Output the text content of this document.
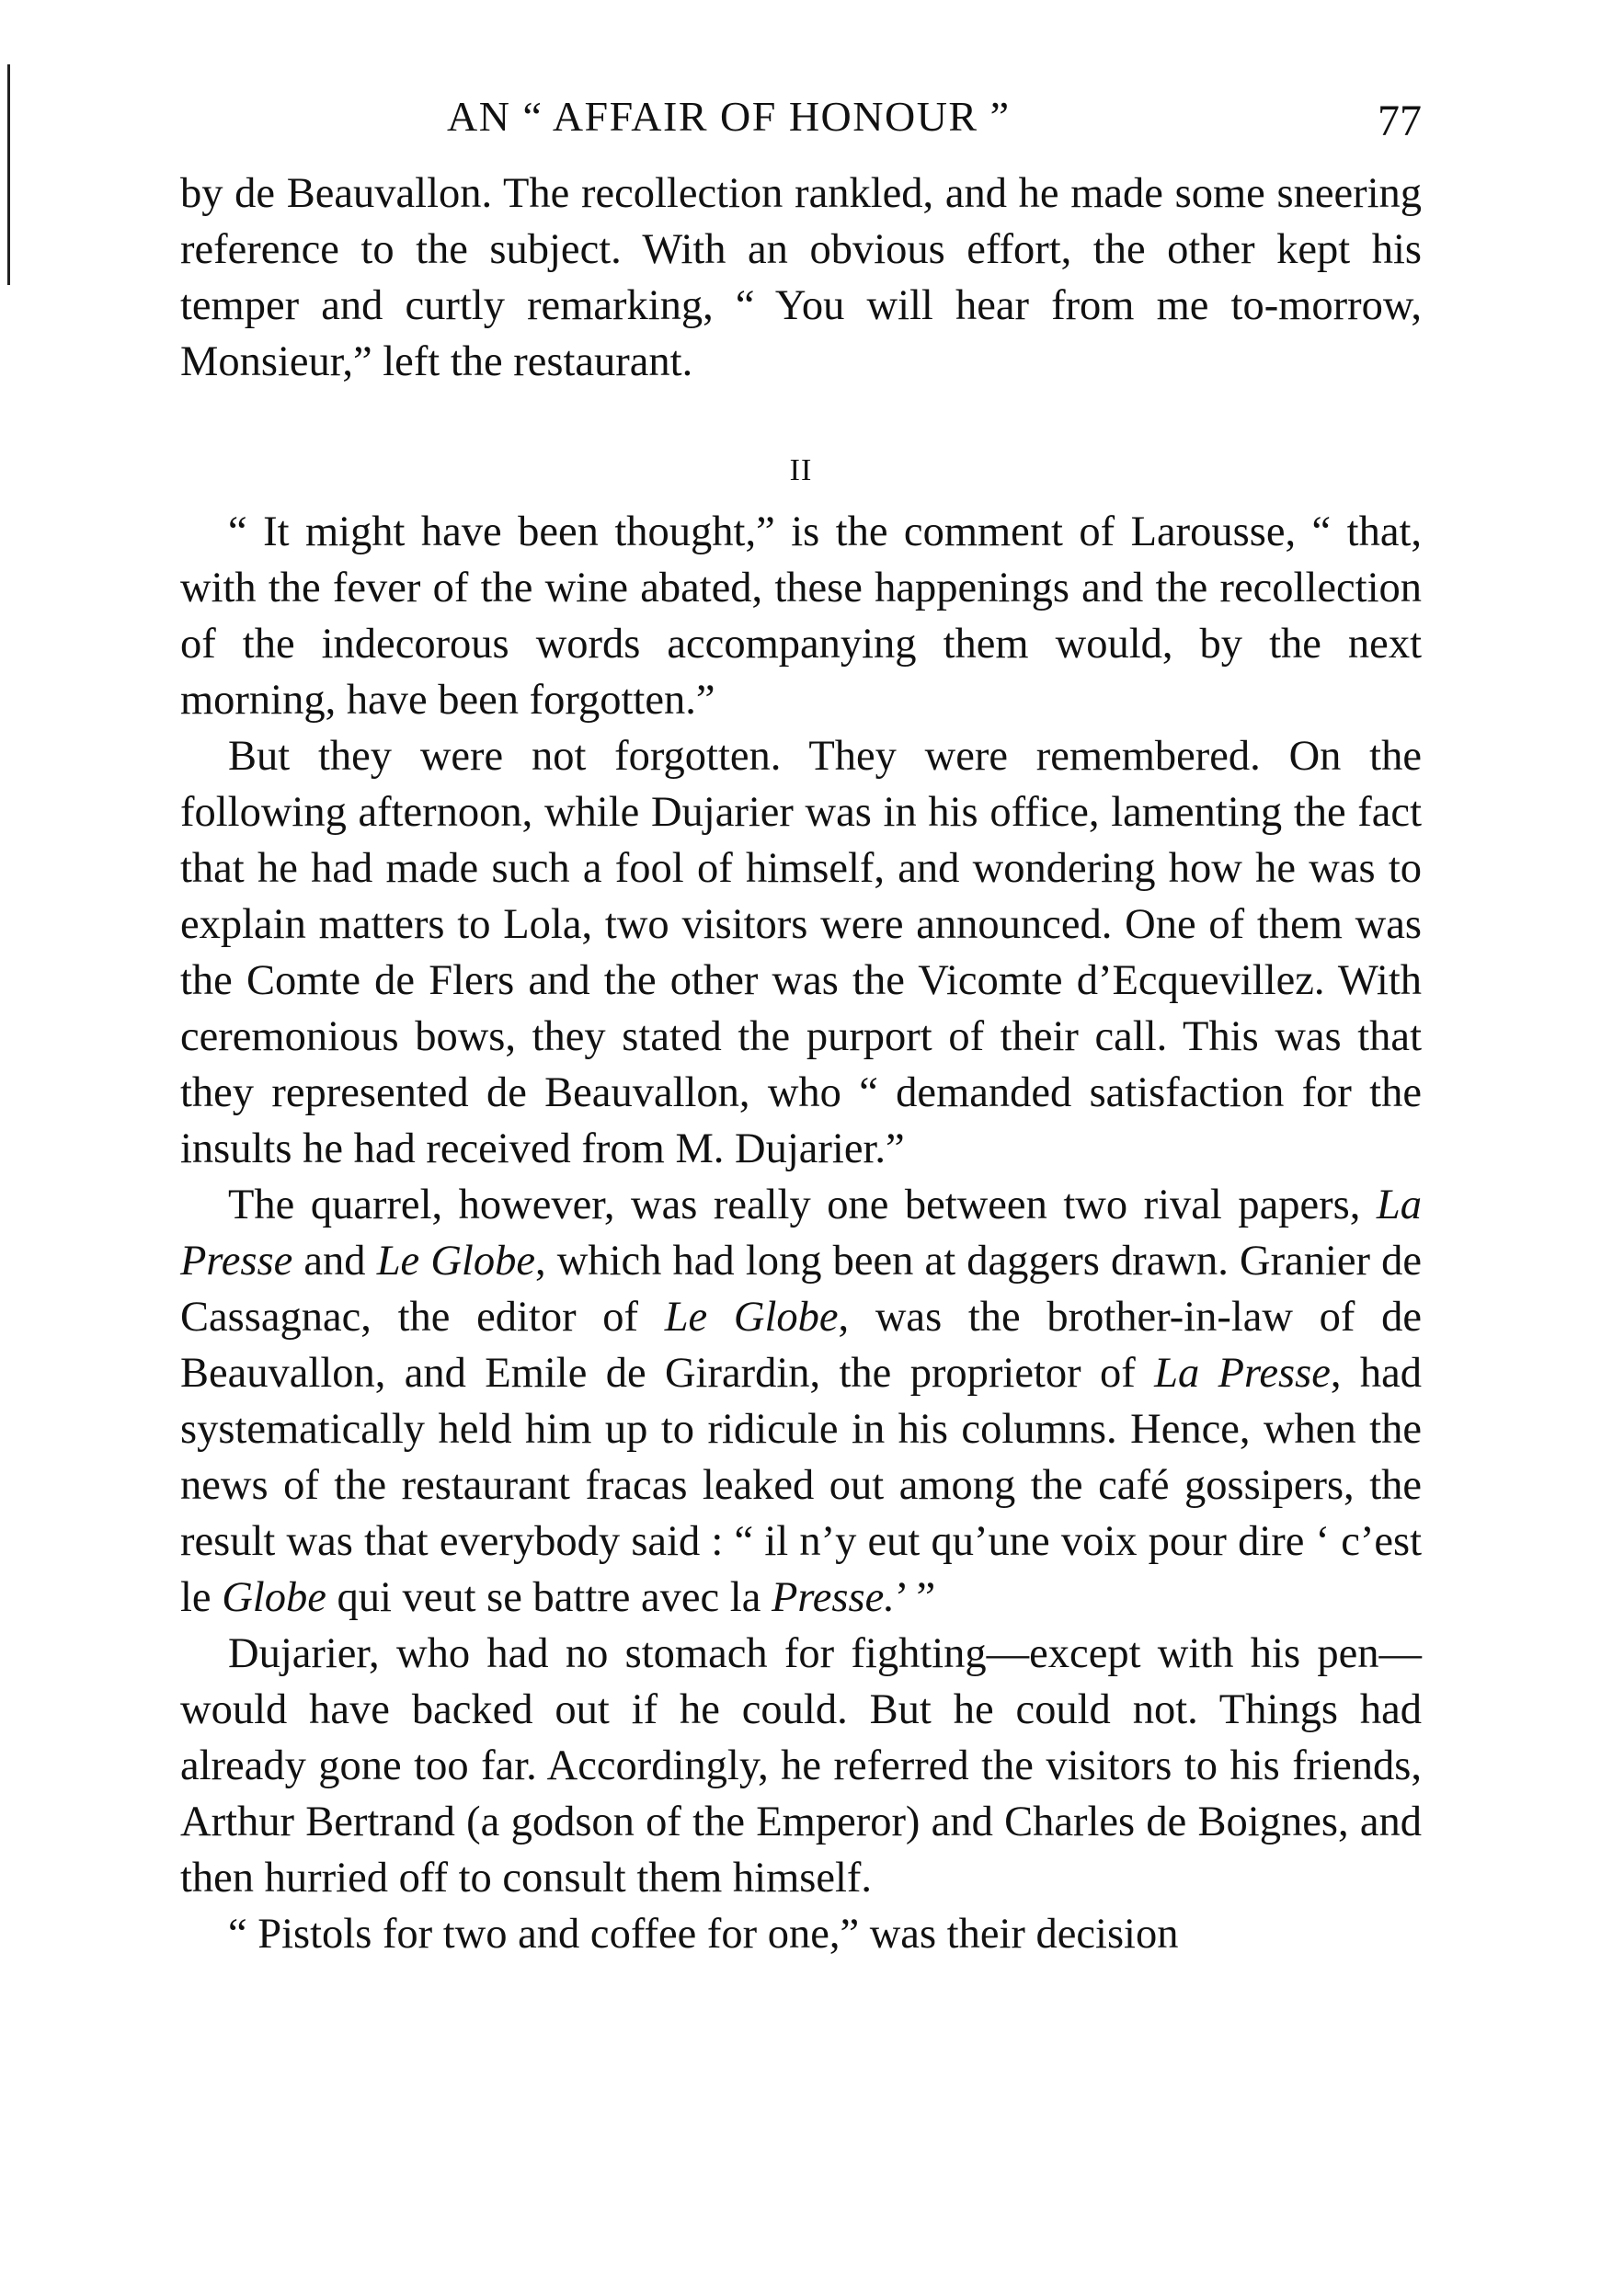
AN “ AFFAIR OF HONOUR ”	77

by de Beauvallon. The recollection rankled, and he made some sneering reference to the subject. With an obvious effort, the other kept his temper and curtly remarking, “ You will hear from me to-morrow, Monsieur,” left the restaurant.

II

“ It might have been thought,” is the comment of Larousse, “ that, with the fever of the wine abated, these happenings and the recollection of the indecorous words accompanying them would, by the next morning, have been forgotten.”

But they were not forgotten. They were remembered. On the following afternoon, while Dujarier was in his office, lamenting the fact that he had made such a fool of himself, and wondering how he was to explain matters to Lola, two visitors were announced. One of them was the Comte de Flers and the other was the Vicomte d’Ecquevillez. With ceremonious bows, they stated the purport of their call. This was that they represented de Beauvallon, who “ demanded satisfaction for the insults he had received from M. Dujarier.”

The quarrel, however, was really one between two rival papers, La Presse and Le Globe, which had long been at daggers drawn. Granier de Cassagnac, the editor of Le Globe, was the brother-in-law of de Beauvallon, and Emile de Girardin, the proprietor of La Presse, had systematically held him up to ridicule in his columns. Hence, when the news of the restaurant fracas leaked out among the café gossipers, the result was that everybody said : “ il n’y eut qu’une voix pour dire ‘ c’est le Globe qui veut se battre avec la Presse.’ ”

Dujarier, who had no stomach for fighting—except with his pen—would have backed out if he could. But he could not. Things had already gone too far. Accordingly, he referred the visitors to his friends, Arthur Bertrand (a godson of the Emperor) and Charles de Boignes, and then hurried off to consult them himself.

“ Pistols for two and coffee for one,” was their decision
